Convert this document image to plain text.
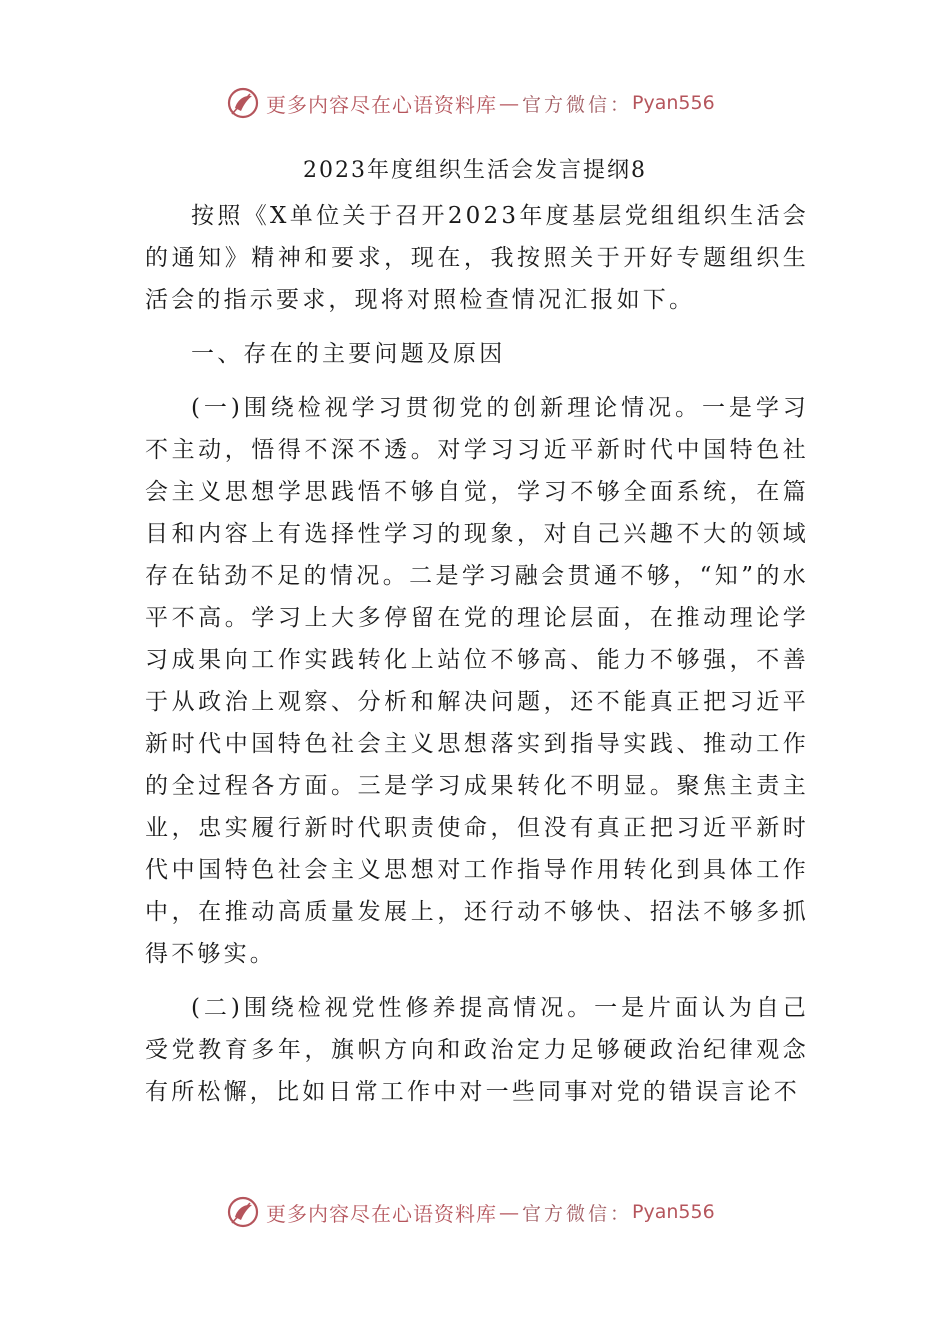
更多内容尽在心语资料库 — 官方微信： Pyan556
2023年度组织生活会发言提纲8

按照《X单位关于召开2023年度基层党组组织生活会的通知》精神和要求，现在，我按照关于开好专题组织生活会的指示要求，现将对照检查情况汇报如下。

一、存在的主要问题及原因

(一)围绕检视学习贯彻党的创新理论情况。一是学习不主动，悟得不深不透。对学习习近平新时代中国特色社会主义思想学思践悟不够自觉，学习不够全面系统，在篇目和内容上有选择性学习的现象，对自己兴趣不大的领域存在钻劲不足的情况。二是学习融会贯通不够，“知”的水平不高。学习上大多停留在党的理论层面，在推动理论学习成果向工作实践转化上站位不够高、能力不够强，不善于从政治上观察、分析和解决问题，还不能真正把习近平新时代中国特色社会主义思想落实到指导实践、推动工作的全过程各方面。三是学习成果转化不明显。聚焦主责主业，忠实履行新时代职责使命，但没有真正把习近平新时代中国特色社会主义思想对工作指导作用转化到具体工作中，在推动高质量发展上，还行动不够快、招法不够多抓得不够实。

(二)围绕检视党性修养提高情况。一是片面认为自己受党教育多年，旗帜方向和政治定力足够硬政治纪律观念有所松懈，比如日常工作中对一些同事对党的错误言论不

更多内容尽在心语资料库 — 官方微信： Pyan556
